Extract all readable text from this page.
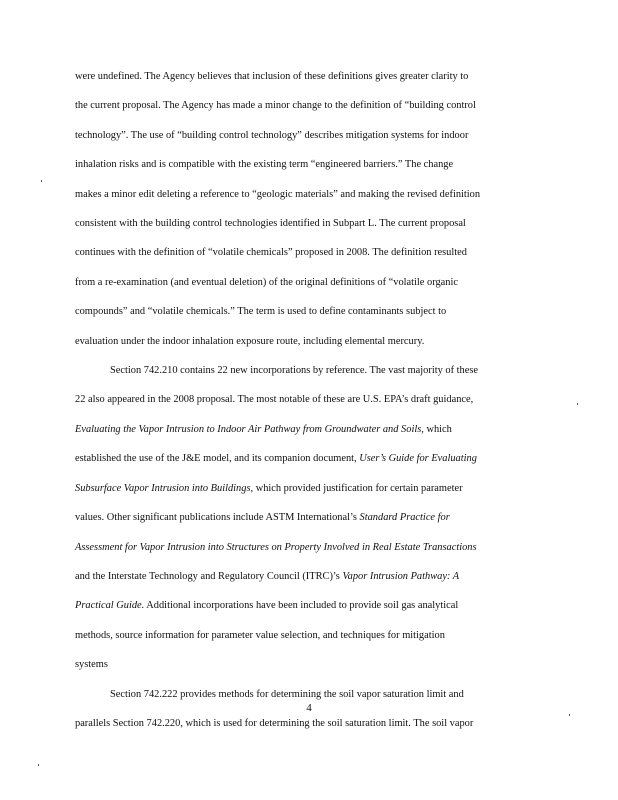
were undefined. The Agency believes that inclusion of these definitions gives greater clarity to
the current proposal. The Agency has made a minor change to the definition of “building control
technology”. The use of “building control technology” describes mitigation systems for indoor
inhalation risks and is compatible with the existing term “engineered barriers.” The change
makes a minor edit deleting a reference to “geologic materials” and making the revised definition
consistent with the building control technologies identified in Subpart L. The current proposal
continues with the definition of “volatile chemicals” proposed in 2008. The definition resulted
from a re-examination (and eventual deletion) of the original definitions of “volatile organic
compounds” and “volatile chemicals.” The term is used to define contaminants subject to
evaluation under the indoor inhalation exposure route, including elemental mercury.
Section 742.210 contains 22 new incorporations by reference. The vast majority of these
22 also appeared in the 2008 proposal. The most notable of these are U.S. EPA’s draft guidance,
Evaluating the Vapor Intrusion to Indoor Air Pathway from Groundwater and Soils, which
established the use of the J&E model, and its companion document, User’s Guide for Evaluating
Subsurface Vapor Intrusion into Buildings, which provided justification for certain parameter
values. Other significant publications include ASTM International’s Standard Practice for
Assessment for Vapor Intrusion into Structures on Property Involved in Real Estate Transactions
and the Interstate Technology and Regulatory Council (ITRC)’s Vapor Intrusion Pathway: A
Practical Guide. Additional incorporations have been included to provide soil gas analytical
methods, source information for parameter value selection, and techniques for mitigation
systems
Section 742.222 provides methods for determining the soil vapor saturation limit and
parallels Section 742.220, which is used for determining the soil saturation limit. The soil vapor
4
